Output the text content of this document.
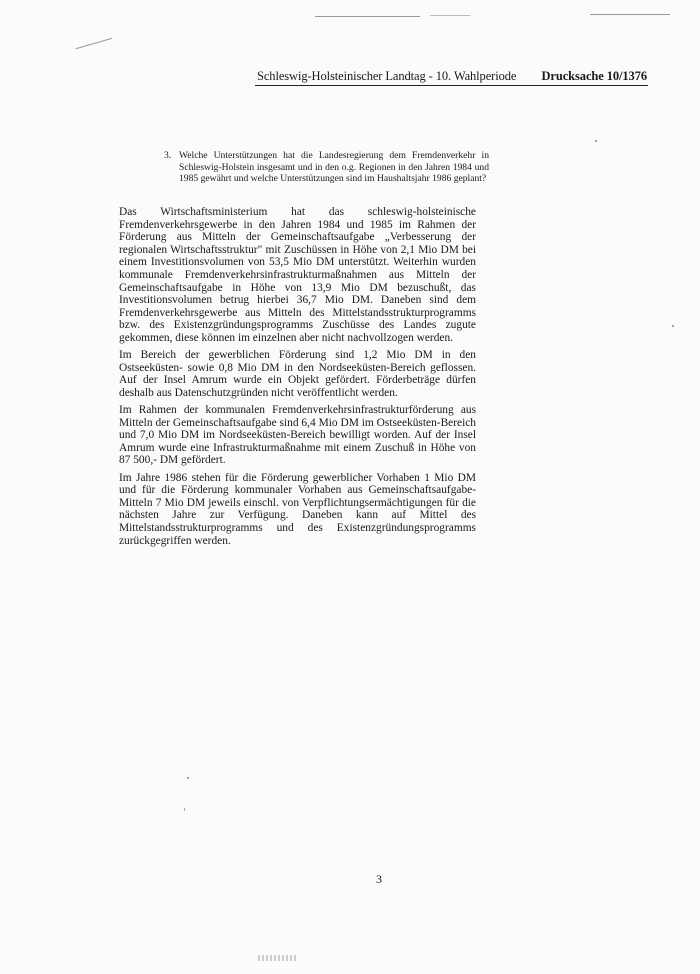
Schleswig-Holsteinischer Landtag - 10. Wahlperiode Drucksache 10/1376
3. Welche Unterstützungen hat die Landesregierung dem Fremdenverkehr in Schleswig-Holstein insgesamt und in den o.g. Regionen in den Jahren 1984 und 1985 gewährt und welche Unterstützungen sind im Haushaltsjahr 1986 geplant?

Das Wirtschaftsministerium hat das schleswig-holsteinische Fremdenverkehrsgewerbe in den Jahren 1984 und 1985 im Rahmen der Förderung aus Mitteln der Gemeinschaftsaufgabe „Verbesserung der regionalen Wirtschaftsstruktur" mit Zuschüssen in Höhe von 2,1 Mio DM bei einem Investitionsvolumen von 53,5 Mio DM unterstützt. Weiterhin wurden kommunale Fremdenverkehrsinfrastrukturmaßnahmen aus Mitteln der Gemeinschaftsaufgabe in Höhe von 13,9 Mio DM bezuschußt, das Investitionsvolumen betrug hierbei 36,7 Mio DM. Daneben sind dem Fremdenverkehrsgewerbe aus Mitteln des Mittelstandsstrukturprogramms bzw. des Existenzgründungsprogramms Zuschüsse des Landes zugute gekommen, diese können im einzelnen aber nicht nachvollzogen werden.

Im Bereich der gewerblichen Förderung sind 1,2 Mio DM in den Ostseeküsten- sowie 0,8 Mio DM in den Nordseeküsten-Bereich geflossen. Auf der Insel Amrum wurde ein Objekt gefördert. Förderbeträge dürfen deshalb aus Datenschutzgründen nicht veröffentlicht werden.

Im Rahmen der kommunalen Fremdenverkehrsinfrastrukturförderung aus Mitteln der Gemeinschaftsaufgabe sind 6,4 Mio DM im Ostseeküsten-Bereich und 7,0 Mio DM im Nordseeküsten-Bereich bewilligt worden. Auf der Insel Amrum wurde eine Infrastrukturmaßnahme mit einem Zuschuß in Höhe von 87 500,- DM gefördert.

Im Jahre 1986 stehen für die Förderung gewerblicher Vorhaben 1 Mio DM und für die Förderung kommunaler Vorhaben aus Gemeinschaftsaufgabe-Mitteln 7 Mio DM jeweils einschl. von Verpflichtungsermächtigungen für die nächsten Jahre zur Verfügung. Daneben kann auf Mittel des Mittelstandsstrukturprogramms und des Existenzgründungsprogramms zurückgegriffen werden.

3
